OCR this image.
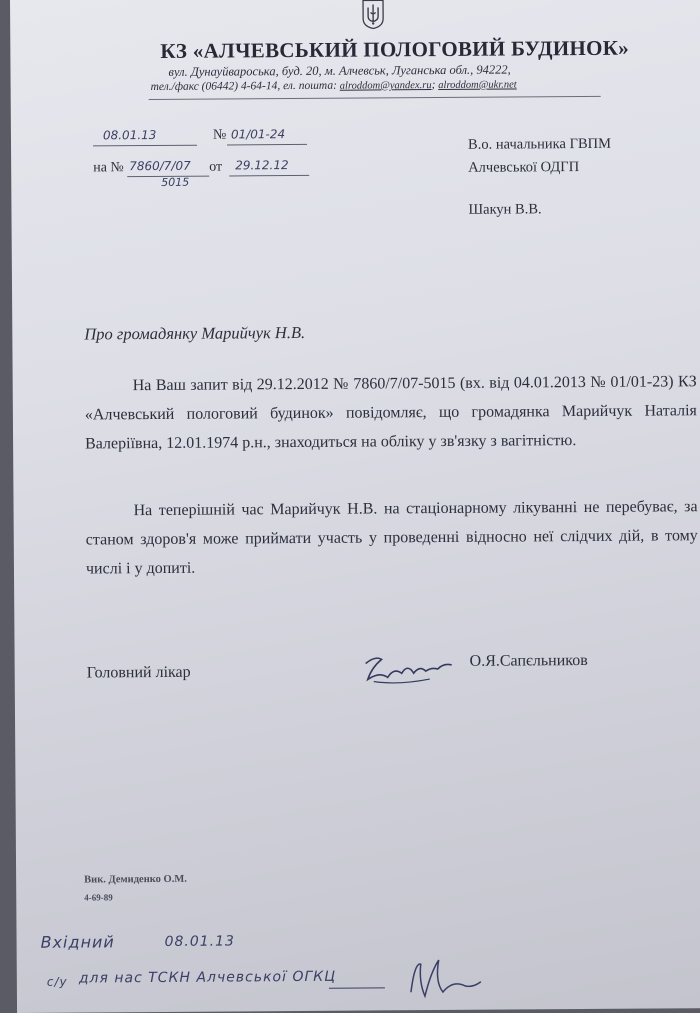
КЗ «АЛЧЕВСЬКИЙ ПОЛОГОВИЙ БУДИНОК»
вул. Дунауйвароська, буд. 20, м. Алчевськ, Луганська обл., 94222,
тел./факс (06442) 4-64-14, ел. пошта: alroddom@yandex.ru; alroddom@ukr.net
08.01.13	№ 01/01-24
на № 7860/7/07
5015
от 29.12.12
В.о. начальника ГВПМ
Алчевської ОДГП
Шакун В.В.
Про громадянку Марийчук Н.В.
На Ваш запит від 29.12.2012 № 7860/7/07-5015 (вх. від 04.01.2013 № 01/01-23) КЗ «Алчевський пологовий будинок» повідомляє, що громадянка Марийчук Наталія Валеріївна, 12.01.1974 р.н., знаходиться на обліку у зв'язку з вагітністю.
На теперішній час Марийчук Н.В. на стаціонарному лікуванні не перебуває, за станом здоров'я може приймати участь у проведенні відносно неї слідчих дій, в тому числі і у допиті.
Головний лікар
О.Я.Сапєльников
Вик. Демиденко О.М.
4-69-89
Вхідний	08.01.13
с/у для нас ТСКН Алчевської ОГКЦ
